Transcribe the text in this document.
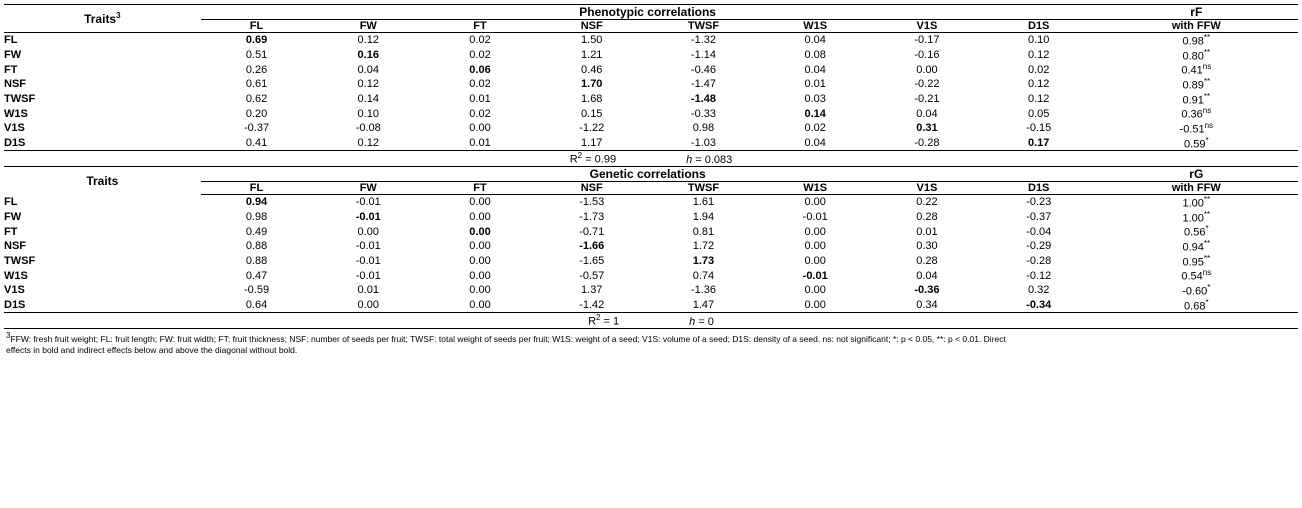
Traits$^3$	Phenotypic correlations								rF
	FL	FW	FT	NSF	TWSF	W1S	V1S	D1S	with FFW
FL	0.69	0.12	0.02	1.50	-1.32	0.04	-0.17	0.10	0.98**
FW	0.51	0.16	0.02	1.21	-1.14	0.08	-0.16	0.12	0.80**
FT	0.26	0.04	0.06	0.46	-0.46	0.04	0.00	0.02	$0.41^{ns}$
NSF	0.61	0.12	0.02	1.70	-1.47	0.01	-0.22	0.12	0.89**
TWSF	0.62	0.14	0.01	1.68	-1.48	0.03	-0.21	0.12	0.91**
W1S	0.20	0.10	0.02	0.15	-0.33	0.14	0.04	0.05	$0.36^{ns}$
V1S	-0.37	-0.08	0.00	-1.22	0.98	0.02	0.31	-0.15	$-0.51^{ns}$
D1S	0.41	0.12	0.01	1.17	-1.03	0.04	-0.28	0.17	0.59*

$R^2 = 0.99$ h = 0.083									

Traits	Genetic correlations								rG
	FL	FW	FT	NSF	TWSF	W1S	V1S	D1S	with FFW
FL	0.94	-0.01	0.00	-1.53	1.61	0.00	0.22	-0.23	1.00**
FW	0.98	-0.01	0.00	-1.73	1.94	-0.01	0.28	-0.37	1.00**
FT	0.49	0.00	0.00	-0.71	0.81	0.00	0.01	-0.04	0.56*
NSF	0.88	-0.01	0.00	-1.66	1.72	0.00	0.30	-0.29	0.94**
TWSF	0.88	-0.01	0.00	-1.65	1.73	0.00	0.28	-0.28	0.95**
W1S	0.47	-0.01	0.00	-0.57	0.74	-0.01	0.04	-0.12	$0.54^{ns}$
V1S	-0.59	0.01	0.00	1.37	-1.36	0.00	-0.36	0.32	-0.60*
D1S	0.64	0.00	0.00	-1.42	1.47	0.00	0.34	-0.34	0.68*

$R^2 = 1$ h = 0									
$^3$FFW: fresh fruit weight; FL: fruit length; FW: fruit width; FT: fruit thickness; NSF: number of seeds per fruit; TWSF: total weight of seeds per fruit; W1S: weight of a seed; V1S: volume of a seed; D1S: density of a seed. ns: not significant; *: p < 0.05, **: p < 0.01. Direct
effects in bold and indirect effects below and above the diagonal without bold.
